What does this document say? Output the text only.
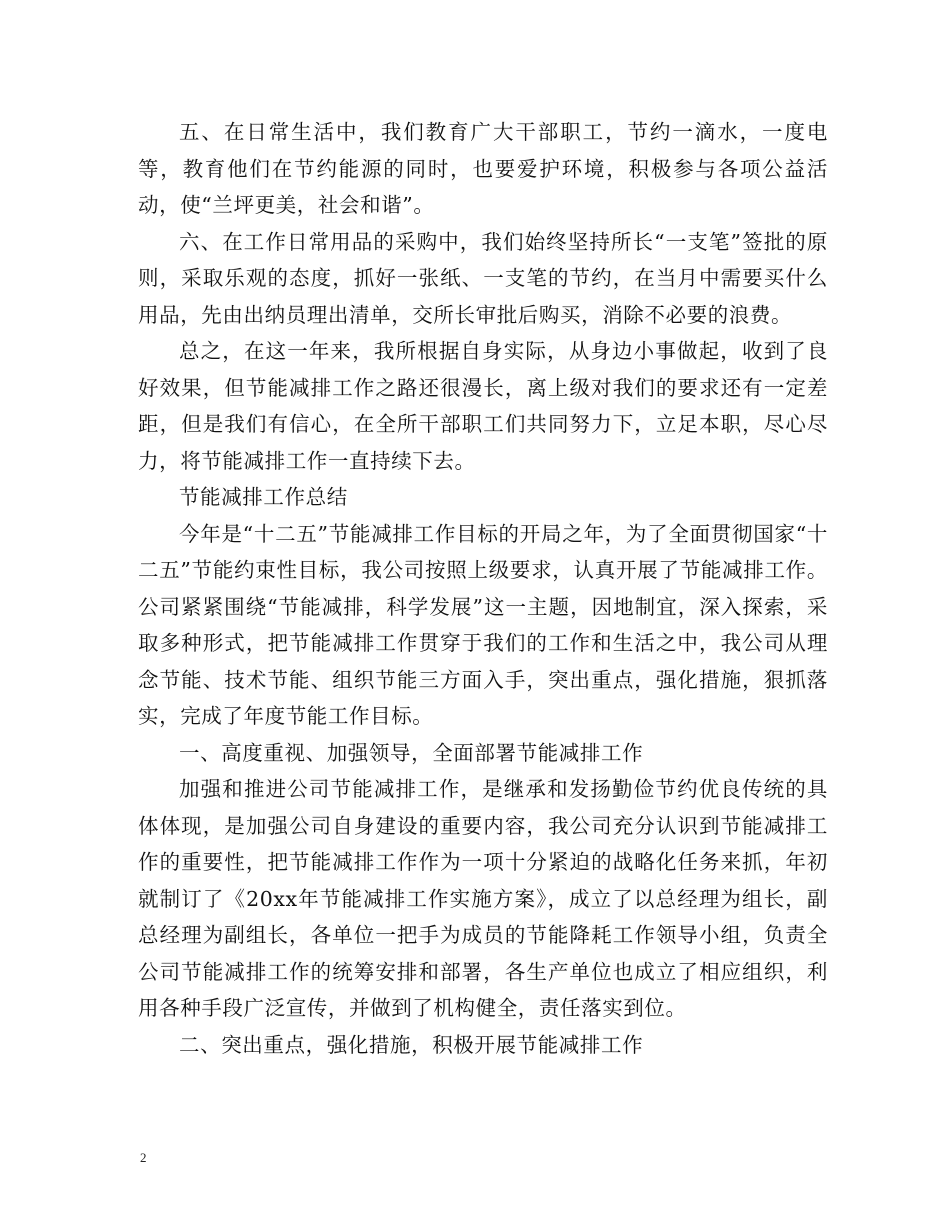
五、在日常生活中，我们教育广大干部职工，节约一滴水，一度电等，教育他们在节约能源的同时，也要爱护环境，积极参与各项公益活动，使“兰坪更美，社会和谐”。

六、在工作日常用品的采购中，我们始终坚持所长“一支笔”签批的原则，采取乐观的态度，抓好一张纸、一支笔的节约，在当月中需要买什么用品，先由出纳员理出清单，交所长审批后购买，消除不必要的浪费。

总之，在这一年来，我所根据自身实际，从身边小事做起，收到了良好效果，但节能减排工作之路还很漫长，离上级对我们的要求还有一定差距，但是我们有信心，在全所干部职工们共同努力下，立足本职，尽心尽力，将节能减排工作一直持续下去。

节能减排工作总结

今年是“十二五”节能减排工作目标的开局之年，为了全面贯彻国家“十二五”节能约束性目标，我公司按照上级要求，认真开展了节能减排工作。公司紧紧围绕“节能减排，科学发展”这一主题，因地制宜，深入探索，采取多种形式，把节能减排工作贯穿于我们的工作和生活之中，我公司从理念节能、技术节能、组织节能三方面入手，突出重点，强化措施，狠抓落实，完成了年度节能工作目标。

一、高度重视、加强领导，全面部署节能减排工作

加强和推进公司节能减排工作，是继承和发扬勤俭节约优良传统的具体体现，是加强公司自身建设的重要内容，我公司充分认识到节能减排工作的重要性，把节能减排工作作为一项十分紧迫的战略化任务来抓，年初就制订了《20xx年节能减排工作实施方案》，成立了以总经理为组长，副总经理为副组长，各单位一把手为成员的节能降耗工作领导小组，负责全公司节能减排工作的统筹安排和部署，各生产单位也成立了相应组织，利用各种手段广泛宣传，并做到了机构健全，责任落实到位。

二、突出重点，强化措施，积极开展节能减排工作

2
